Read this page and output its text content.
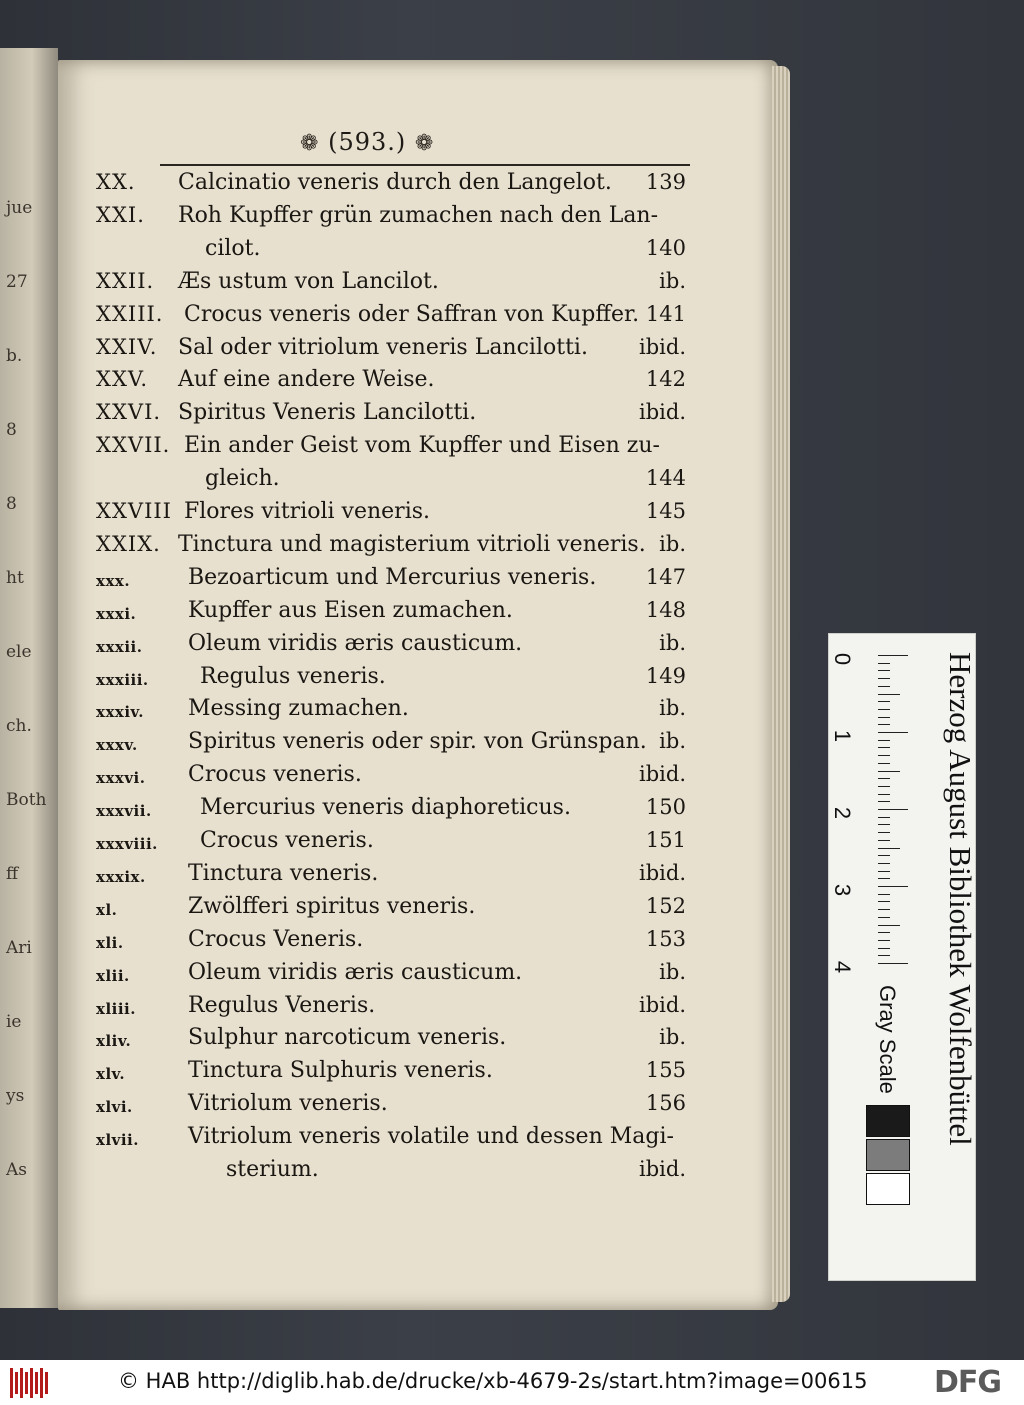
jue
27
b.
8
8
ht
ele
ch.
Both
ff
Ari
ie
ys
As
❁ (593.) ❁
XX. Calcinatio veneris durch den Langelot. 139
XXI. Roh Kupffer grün zumachen nach den Lan-
cilot.	140
XXII. Æs ustum von Lancilot.	ib.
XXIII. Crocus veneris oder Saffran von Kupffer. 141
XXIV. Sal oder vitriolum veneris Lancilotti. ibid.
XXV. Auf eine andere Weise.	142
XXVI. Spiritus Veneris Lancilotti.	ibid.
XXVII. Ein ander Geist vom Kupffer und Eisen zu-
gleich.	144
XXVIII Flores vitrioli veneris.	145
XXIX. Tinctura und magisterium vitrioli veneris. ib.
xxx.	Bezoarticum und Mercurius veneris. 147
xxxi. Kupffer aus Eisen zumachen.	148
xxxii. Oleum viridis æris causticum.	ib.
xxxiii. Regulus veneris.	149
xxxiv. Messing zumachen.	ib.
xxxv. Spiritus veneris oder spir. von Grünspan. ib.
xxxvi. Crocus veneris.	ibid.
xxxvii. Mercurius veneris diaphoreticus.	150
xxxviii. Crocus veneris.	151
xxxix. Tinctura veneris.	ibid.
xl.	Zwölfferi spiritus veneris.	152
xli.	Crocus Veneris.	153
xlii.	Oleum viridis æris causticum.	ib.
xliii. Regulus Veneris.	ibid.
xliv.	Sulphur narcoticum veneris.	ib.
xlv.	Tinctura Sulphuris veneris.	155
xlvi.	Vitriolum veneris.	156
xlvii. Vitriolum veneris volatile und dessen Magi-
sterium.	ibid.
0
1
2
3
4	Herzog August Bibliothek Wolfenbüttel
Gray Scale
© HAB http://diglib.hab.de/drucke/xb-4679-2s/start.htm?image=00615 DFG
